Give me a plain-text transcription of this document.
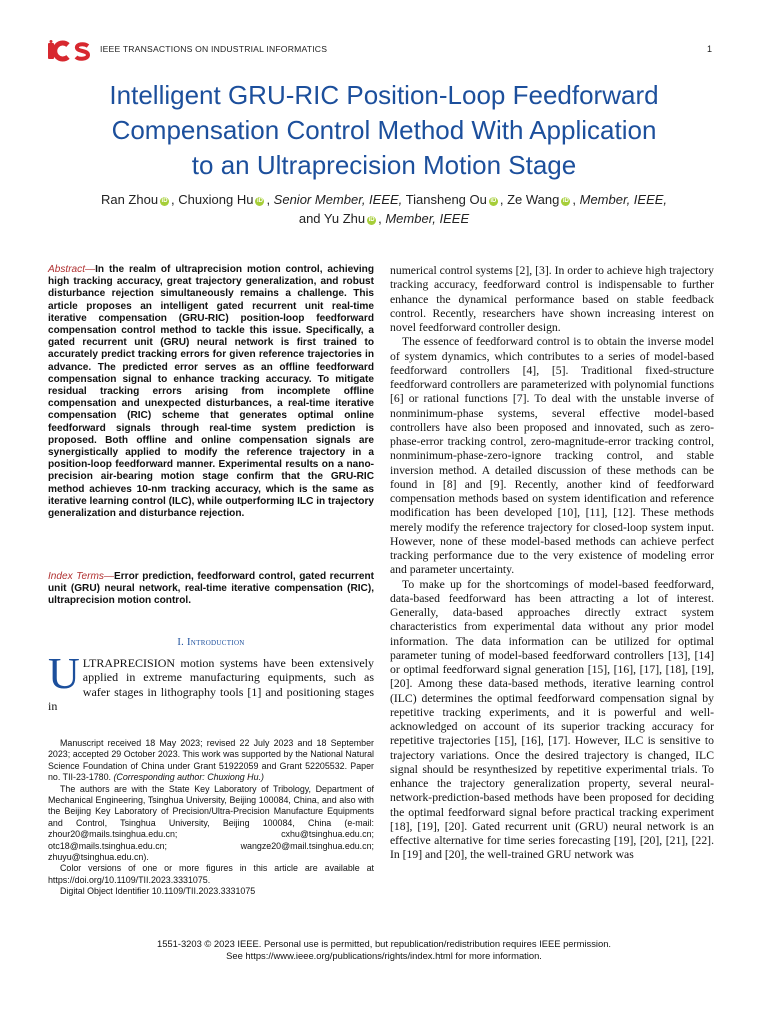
IEEE TRANSACTIONS ON INDUSTRIAL INFORMATICS	1
Intelligent GRU-RIC Position-Loop Feedforward
Compensation Control Method With Application
to an Ultraprecision Motion Stage
Ran Zhou iD , Chuxiong Hu iD , Senior Member, IEEE, Tiansheng Ou iD , Ze Wang iD , Member, IEEE,
and Yu Zhu iD , Member, IEEE

Abstract—In the realm of ultraprecision motion control, achieving high tracking accuracy, great trajectory generalization, and robust disturbance rejection simultaneously remains a challenge. This article proposes an intelligent gated recurrent unit real-time iterative compensation (GRU-RIC) position-loop feedforward compensation control method to tackle this issue. Specifically, a gated recurrent unit (GRU) neural network is first trained to accurately predict tracking errors for given reference trajectories in advance. The predicted error serves as an offline feedforward compensation signal to enhance tracking accuracy. To mitigate residual tracking errors arising from incomplete offline compensation and unexpected disturbances, a real-time iterative compensation (RIC) scheme that generates optimal online feedforward signals through real-time system prediction is proposed. Both offline and online compensation signals are synergistically applied to modify the reference trajectory in a position-loop feedforward manner. Experimental results on a nano-precision air-bearing motion stage confirm that the GRU-RIC method achieves 10-nm tracking accuracy, which is the same as iterative learning control (ILC), while outperforming ILC in trajectory generalization and disturbance rejection.

Index Terms—Error prediction, feedforward control, gated recurrent unit (GRU) neural network, real-time iterative compensation (RIC), ultraprecision motion control.

I. Introduction

ULTRAPRECISION motion systems have been extensively applied in extreme manufacturing equipments, such as wafer stages in lithography tools [1] and positioning stages in

Manuscript received 18 May 2023; revised 22 July 2023 and 18 September 2023; accepted 29 October 2023. This work was supported by the National Natural Science Foundation of China under Grant 51922059 and Grant 52205532. Paper no. TII-23-1780. (Corresponding author: Chuxiong Hu.)

The authors are with the State Key Laboratory of Tribology, Department of Mechanical Engineering, Tsinghua University, Beijing 100084, China, and also with the Beijing Key Laboratory of Precision/Ultra-Precision Manufacture Equipments and Control, Tsinghua University, Beijing 100084, China (e-mail: zhour20@mails.tsinghua.edu.cn; cxhu@tsinghua.edu.cn; otc18@mails.tsinghua.edu.cn; wangze20@mail.tsinghua.edu.cn; zhuyu@tsinghua.edu.cn).

Color versions of one or more figures in this article are available at https://doi.org/10.1109/TII.2023.3331075.

Digital Object Identifier 10.1109/TII.2023.3331075

numerical control systems [2], [3]. In order to achieve high trajectory tracking accuracy, feedforward control is indispensable to further enhance the dynamical performance based on stable feedback control. Recently, researchers have shown increasing interest on novel feedforward controller design.

The essence of feedforward control is to obtain the inverse model of system dynamics, which contributes to a series of model-based feedforward controllers [4], [5]. Traditional fixed-structure feedforward controllers are parameterized with polynomial functions [6] or rational functions [7]. To deal with the unstable inverse of nonminimum-phase systems, several effective model-based controllers have also been proposed and innovated, such as zero-phase-error tracking control, zero-magnitude-error tracking control, nonminimum-phase-zero-ignore tracking control, and stable inversion method. A detailed discussion of these methods can be found in [8] and [9]. Recently, another kind of feedforward compensation methods based on system identification and reference modification has been developed [10], [11], [12]. These methods merely modify the reference trajectory for closed-loop system input. However, none of these model-based methods can achieve perfect tracking performance due to the very existence of modeling error and parameter uncertainty.

To make up for the shortcomings of model-based feedforward, data-based feedforward has been attracting a lot of interest. Generally, data-based approaches directly extract system characteristics from experimental data without any prior model information. The data information can be utilized for optimal parameter tuning of model-based feedforward controllers [13], [14] or optimal feedforward signal generation [15], [16], [17], [18], [19], [20]. Among these data-based methods, iterative learning control (ILC) determines the optimal feedforward compensation signal by repetitive tracking experiments, and it is powerful and well-acknowledged on account of its superior tracking accuracy for repetitive trajectories [15], [16], [17]. However, ILC is sensitive to trajectory variations. Once the desired trajectory is changed, ILC signal should be resynthesized by repetitive experimental trials. To enhance the trajectory generalization property, several neural-network-prediction-based methods have been proposed for deciding the optimal feedforward signal before practical tracking experiment [18], [19], [20]. Gated recurrent unit (GRU) neural network is an effective alternative for time series forecasting [19], [20], [21], [22]. In [19] and [20], the well-trained GRU network was

1551-3203 © 2023 IEEE. Personal use is permitted, but republication/redistribution requires IEEE permission.
See https://www.ieee.org/publications/rights/index.html for more information.
